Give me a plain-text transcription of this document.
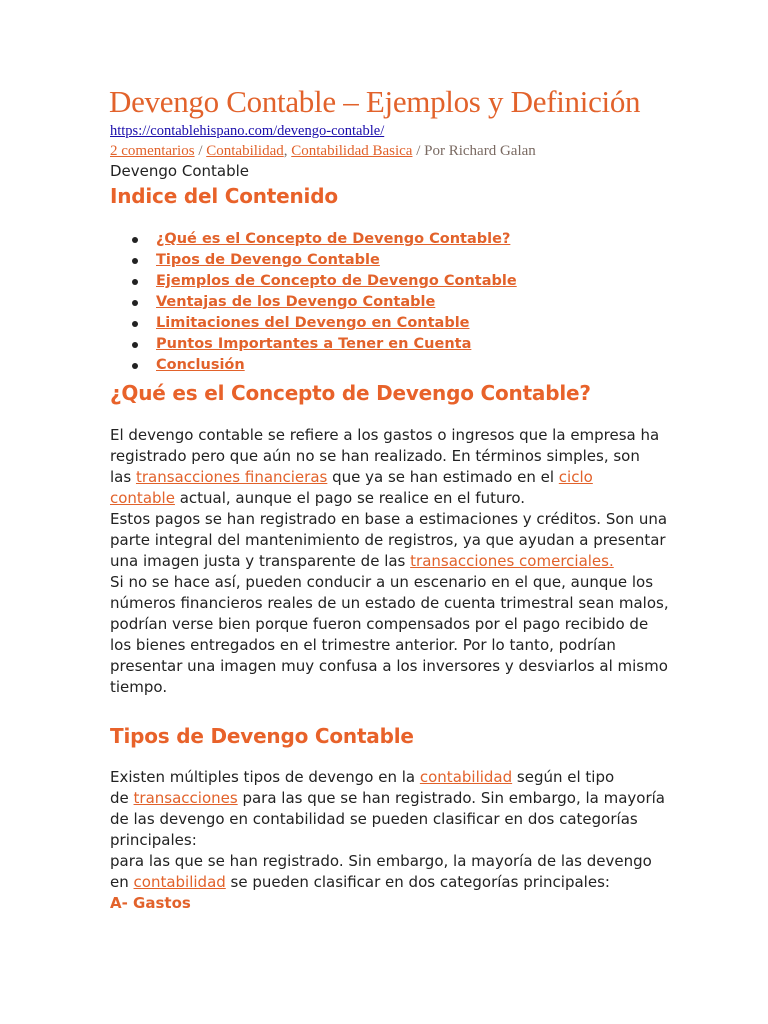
Devengo Contable – Ejemplos y Definición
https://contablehispano.com/devengo-contable/
2 comentarios / Contabilidad, Contabilidad Basica / Por Richard Galan
Devengo Contable
Indice del Contenido
¿Qué es el Concepto de Devengo Contable?
Tipos de Devengo Contable
Ejemplos de Concepto de Devengo Contable
Ventajas de los Devengo Contable
Limitaciones del Devengo en Contable
Puntos Importantes a Tener en Cuenta
Conclusión
¿Qué es el Concepto de Devengo Contable?
El devengo contable se refiere a los gastos o ingresos que la empresa ha
registrado pero que aún no se han realizado. En términos simples, son
las transacciones financieras que ya se han estimado en el ciclo
contable actual, aunque el pago se realice en el futuro.
Estos pagos se han registrado en base a estimaciones y créditos. Son una
parte integral del mantenimiento de registros, ya que ayudan a presentar
una imagen justa y transparente de las transacciones comerciales.
Si no se hace así, pueden conducir a un escenario en el que, aunque los
números financieros reales de un estado de cuenta trimestral sean malos,
podrían verse bien porque fueron compensados por el pago recibido de
los bienes entregados en el trimestre anterior. Por lo tanto, podrían
presentar una imagen muy confusa a los inversores y desviarlos al mismo
tiempo.
Tipos de Devengo Contable
Existen múltiples tipos de devengo en la contabilidad según el tipo
de transacciones para las que se han registrado. Sin embargo, la mayoría
de las devengo en contabilidad se pueden clasificar en dos categorías
principales:
para las que se han registrado. Sin embargo, la mayoría de las devengo
en contabilidad se pueden clasificar en dos categorías principales:
A- Gastos
